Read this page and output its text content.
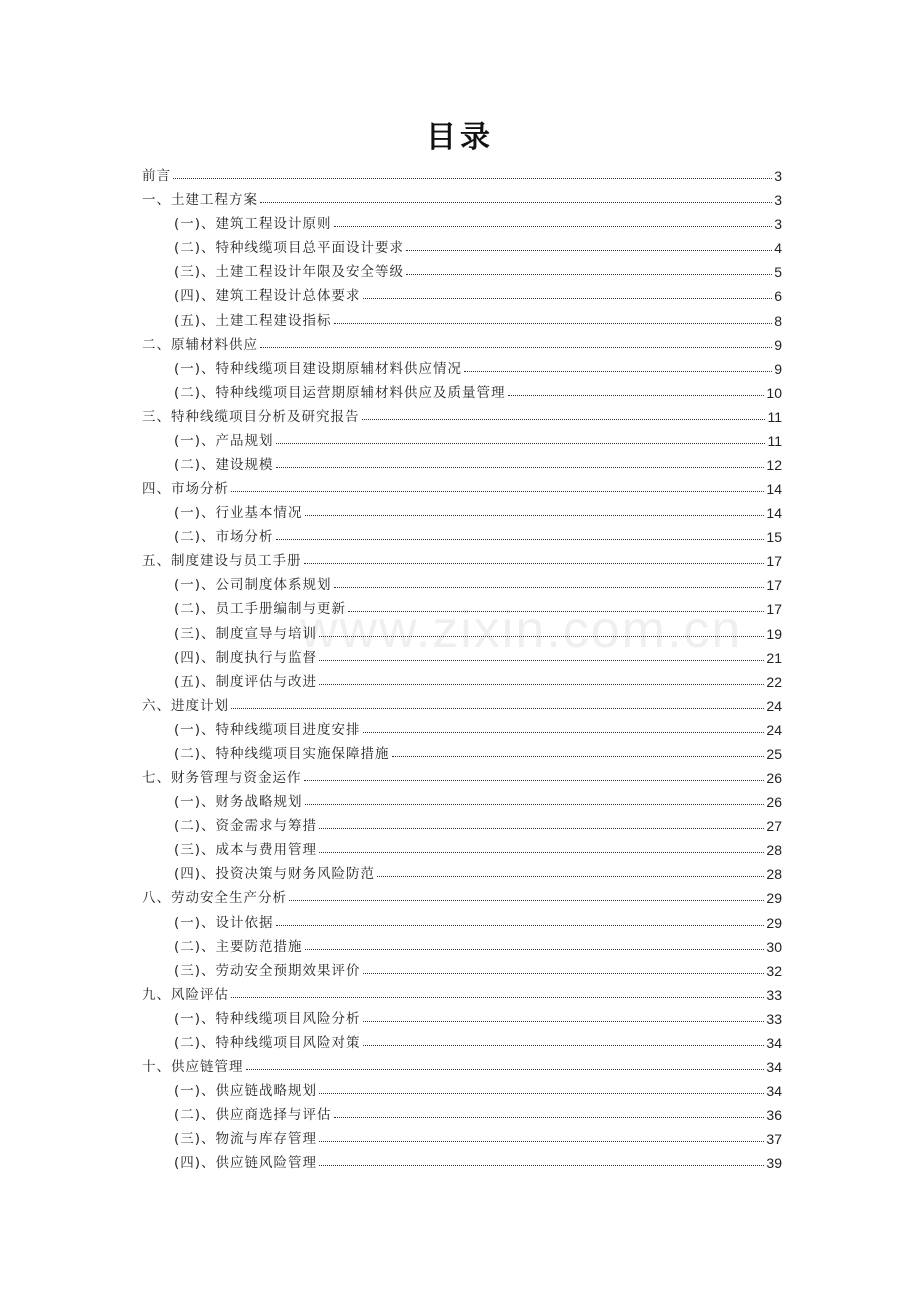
目录
前言	3
一、土建工程方案	3
(一)、建筑工程设计原则	3
(二)、特种线缆项目总平面设计要求	4
(三)、土建工程设计年限及安全等级	5
(四)、建筑工程设计总体要求	6
(五)、土建工程建设指标	8
二、原辅材料供应	9
(一)、特种线缆项目建设期原辅材料供应情况	9
(二)、特种线缆项目运营期原辅材料供应及质量管理	10
三、特种线缆项目分析及研究报告	11
(一)、产品规划	11
(二)、建设规模	12
四、市场分析	14
(一)、行业基本情况	14
(二)、市场分析	15
五、制度建设与员工手册	17
(一)、公司制度体系规划	17
(二)、员工手册编制与更新	17
(三)、制度宣导与培训	19
(四)、制度执行与监督	21
(五)、制度评估与改进	22
六、进度计划	24
(一)、特种线缆项目进度安排	24
(二)、特种线缆项目实施保障措施	25
七、财务管理与资金运作	26
(一)、财务战略规划	26
(二)、资金需求与筹措	27
(三)、成本与费用管理	28
(四)、投资决策与财务风险防范	28
八、劳动安全生产分析	29
(一)、设计依据	29
(二)、主要防范措施	30
(三)、劳动安全预期效果评价	32
九、风险评估	33
(一)、特种线缆项目风险分析	33
(二)、特种线缆项目风险对策	34
十、供应链管理	34
(一)、供应链战略规划	34
(二)、供应商选择与评估	36
(三)、物流与库存管理	37
(四)、供应链风险管理	39
www.zixin.com.cn
